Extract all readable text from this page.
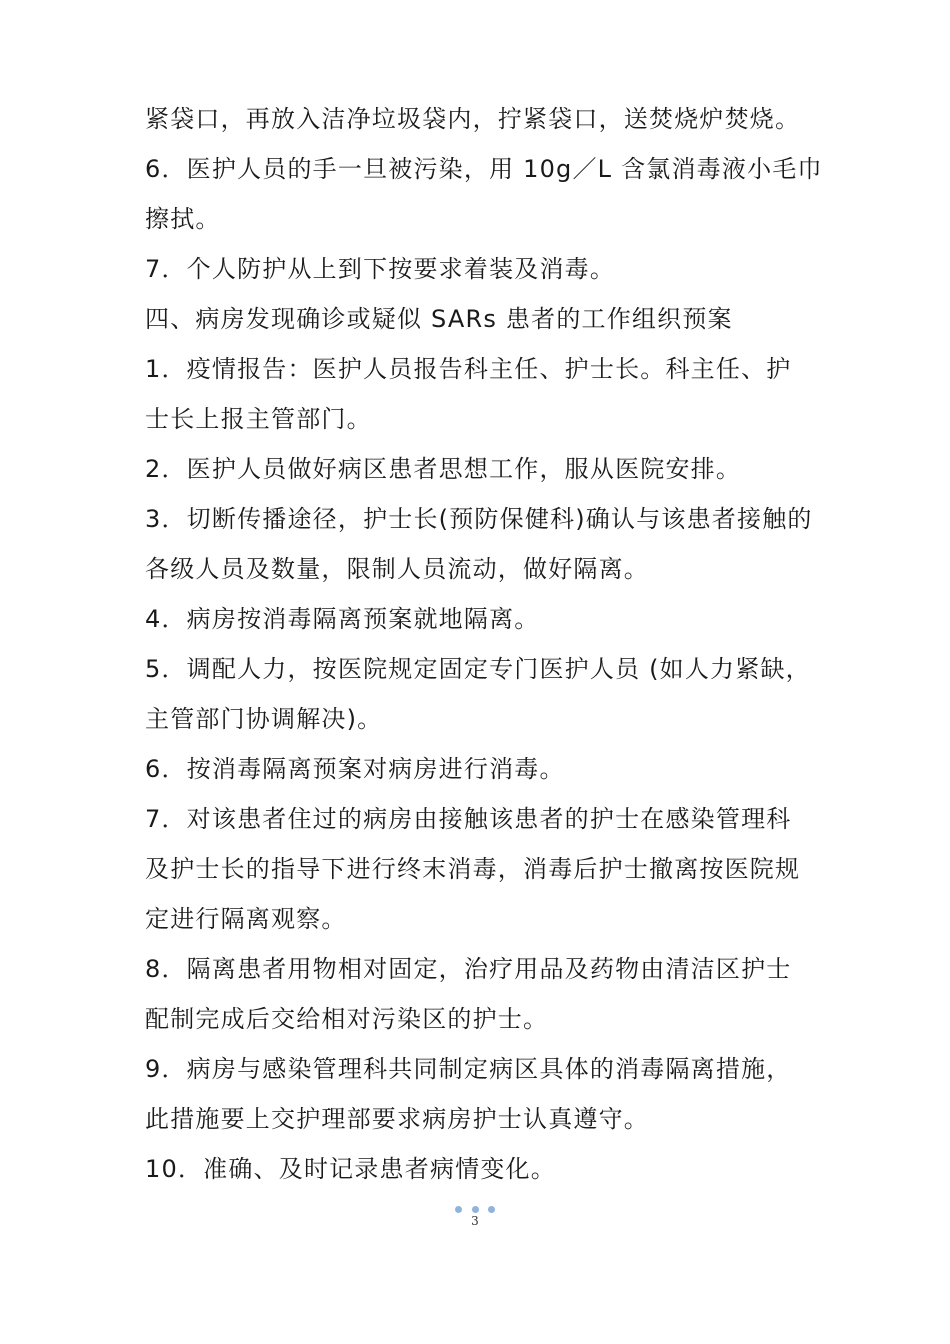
紧袋口，再放入洁净垃圾袋内，拧紧袋口，送焚烧炉焚烧。
6．医护人员的手一旦被污染，用 10g／L 含氯消毒液小毛巾
擦拭。
7．个人防护从上到下按要求着装及消毒。
四、病房发现确诊或疑似 SARs 患者的工作组织预案
1．疫情报告：医护人员报告科主任、护士长。科主任、护
士长上报主管部门。
2．医护人员做好病区患者思想工作，服从医院安排。
3．切断传播途径，护士长(预防保健科)确认与该患者接触的
各级人员及数量，限制人员流动，做好隔离。
4．病房按消毒隔离预案就地隔离。
5．调配人力，按医院规定固定专门医护人员 (如人力紧缺，
主管部门协调解决)。
6．按消毒隔离预案对病房进行消毒。
7．对该患者住过的病房由接触该患者的护士在感染管理科
及护士长的指导下进行终末消毒，消毒后护士撤离按医院规
定进行隔离观察。
8．隔离患者用物相对固定，治疗用品及药物由清洁区护士
配制完成后交给相对污染区的护士。
9．病房与感染管理科共同制定病区具体的消毒隔离措施，
此措施要上交护理部要求病房护士认真遵守。
10．准确、及时记录患者病情变化。

3
